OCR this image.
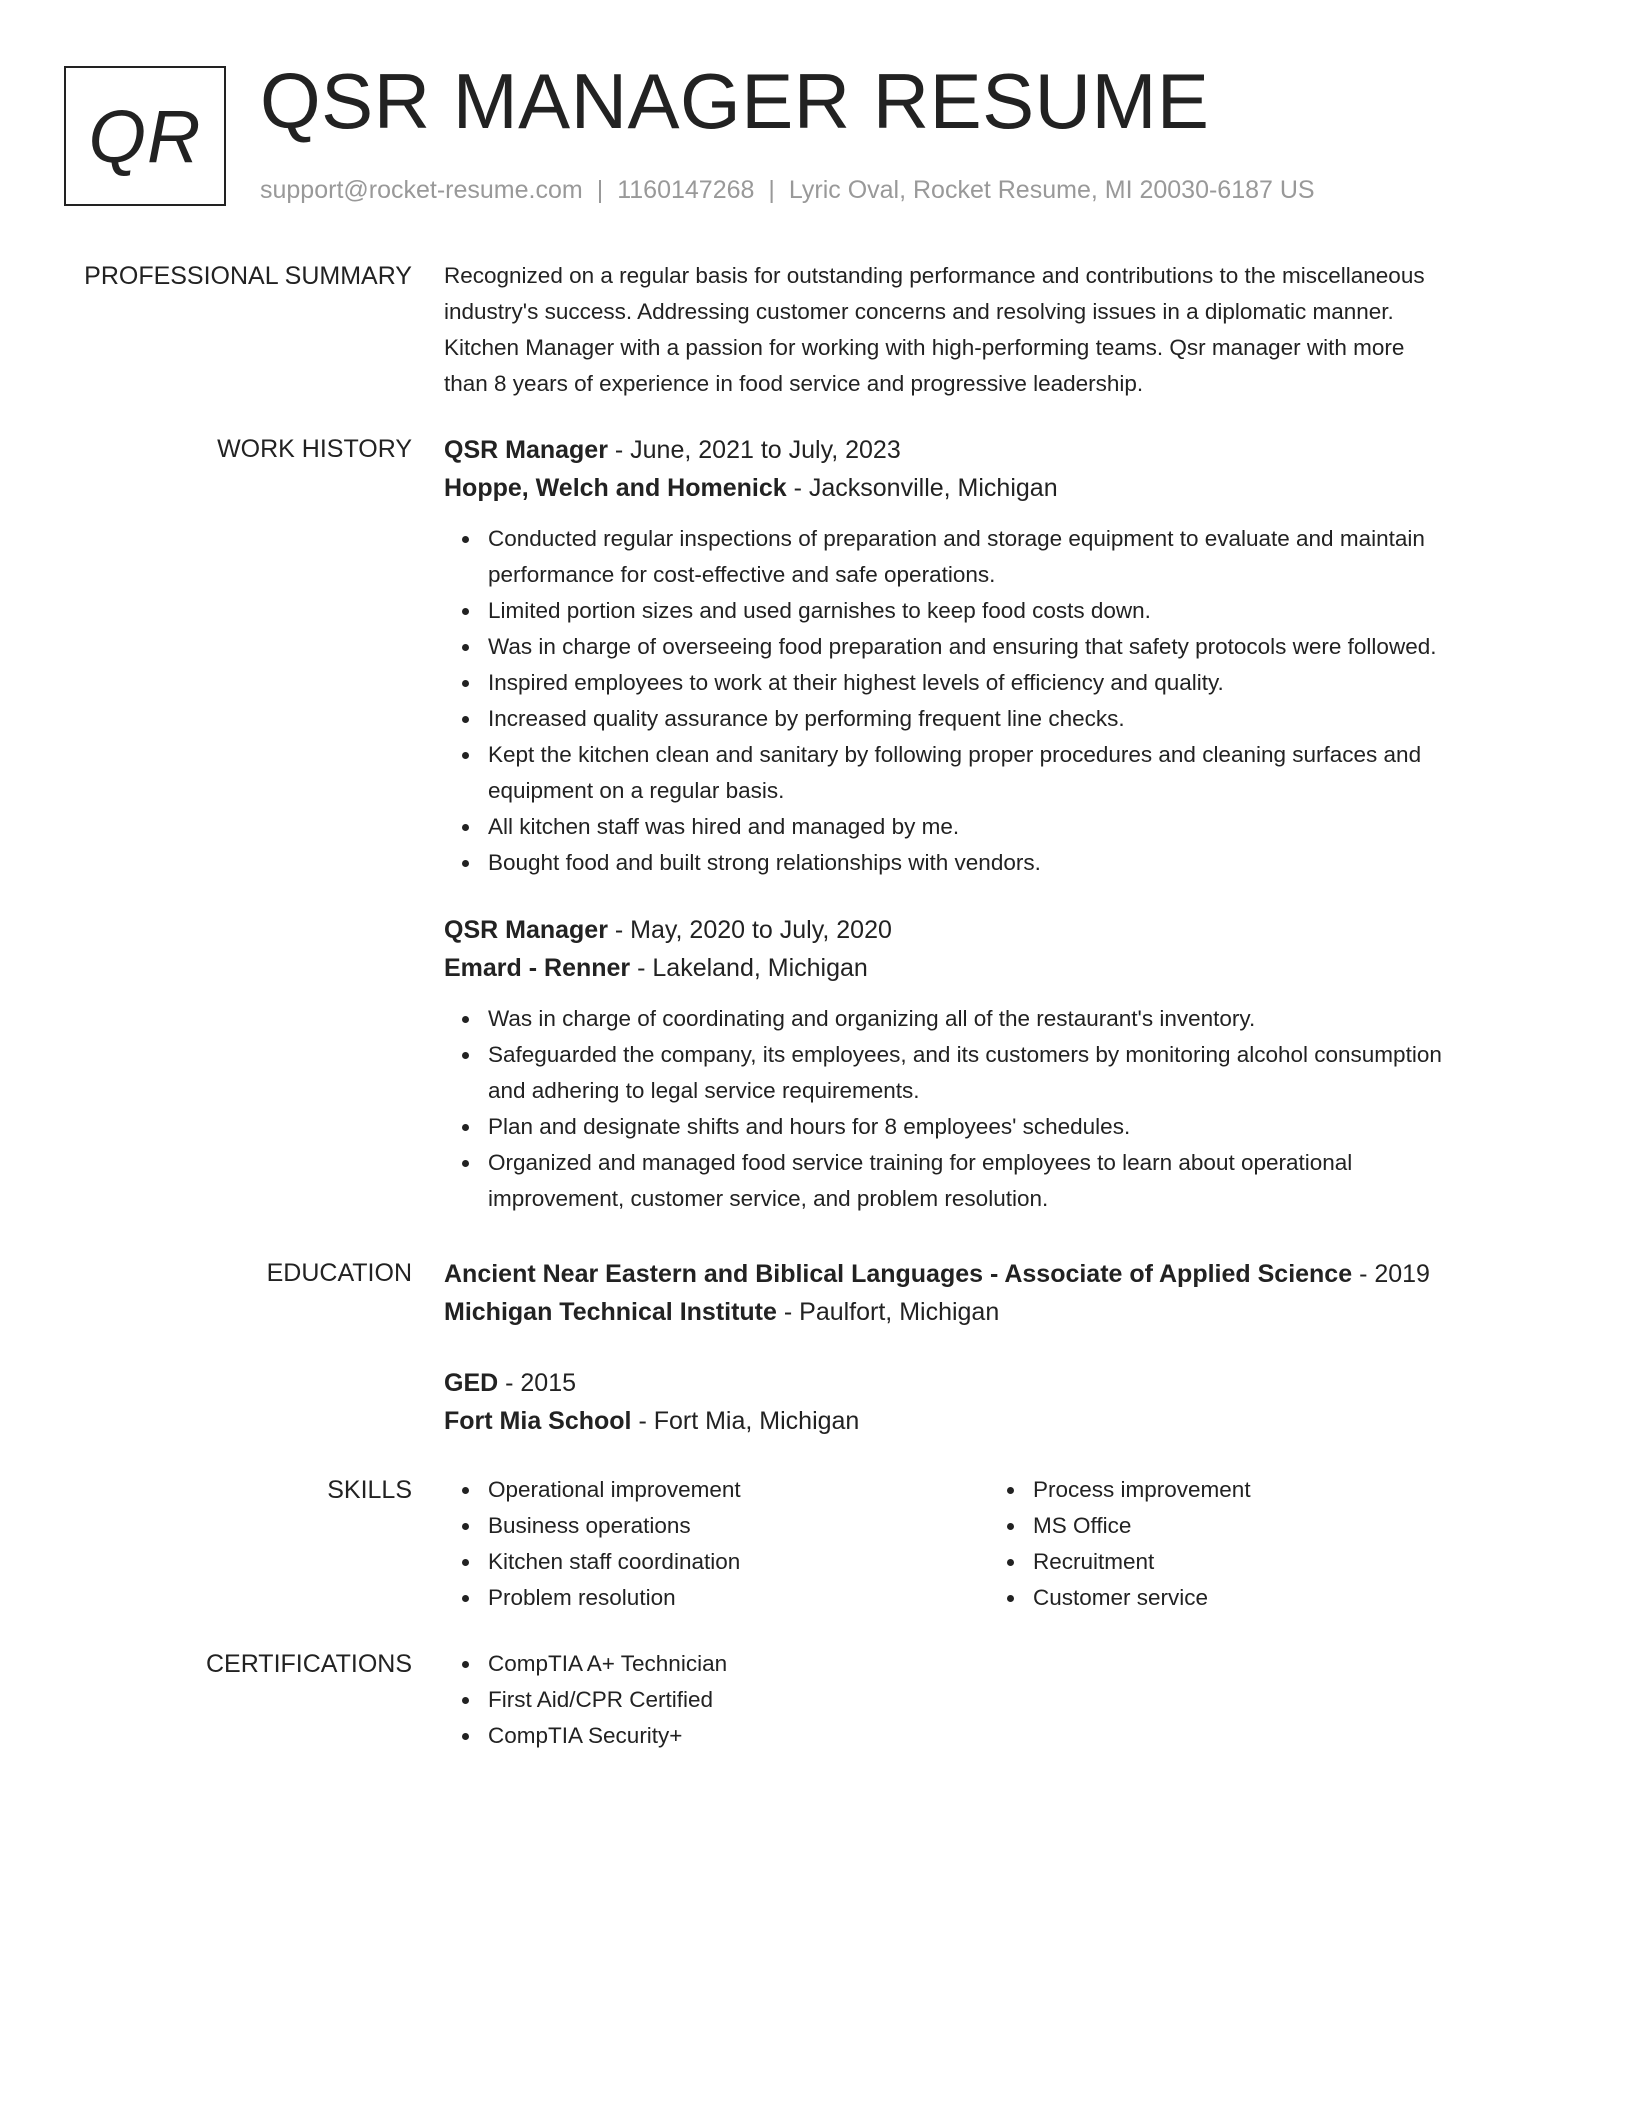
QR QSR MANAGER RESUME
support@rocket-resume.com | 1160147268 | Lyric Oval, Rocket Resume, MI 20030-6187 US
PROFESSIONAL SUMMARY Recognized on a regular basis for outstanding performance and contributions to the miscellaneous
industry's success. Addressing customer concerns and resolving issues in a diplomatic manner.
Kitchen Manager with a passion for working with high-performing teams. Qsr manager with more
than 8 years of experience in food service and progressive leadership.

WORK HISTORY QSR Manager - June, 2021 to July, 2023

Hoppe, Welch and Homenick - Jacksonville, Michigan

Conducted regular inspections of preparation and storage equipment to evaluate and maintain
performance for cost-effective and safe operations.
Limited portion sizes and used garnishes to keep food costs down.
Was in charge of overseeing food preparation and ensuring that safety protocols were followed.
Inspired employees to work at their highest levels of efficiency and quality.
Increased quality assurance by performing frequent line checks.
Kept the kitchen clean and sanitary by following proper procedures and cleaning surfaces and
equipment on a regular basis.
All kitchen staff was hired and managed by me.
Bought food and built strong relationships with vendors.

QSR Manager - May, 2020 to July, 2020

Emard - Renner - Lakeland, Michigan

Was in charge of coordinating and organizing all of the restaurant's inventory.
Safeguarded the company, its employees, and its customers by monitoring alcohol consumption
and adhering to legal service requirements.
Plan and designate shifts and hours for 8 employees' schedules.
Organized and managed food service training for employees to learn about operational
improvement, customer service, and problem resolution.
EDUCATION Ancient Near Eastern and Biblical Languages - Associate of Applied Science - 2019

Michigan Technical Institute - Paulfort, Michigan

GED - 2015

Fort Mia School - Fort Mia, Michigan

SKILLS	Operational improvement
Business operations
Kitchen staff coordination
Problem resolution
Process improvement
MS Office
Recruitment
Customer service
CERTIFICATIONS	CompTIA A+ Technician
First Aid/CPR Certified
CompTIA Security+
